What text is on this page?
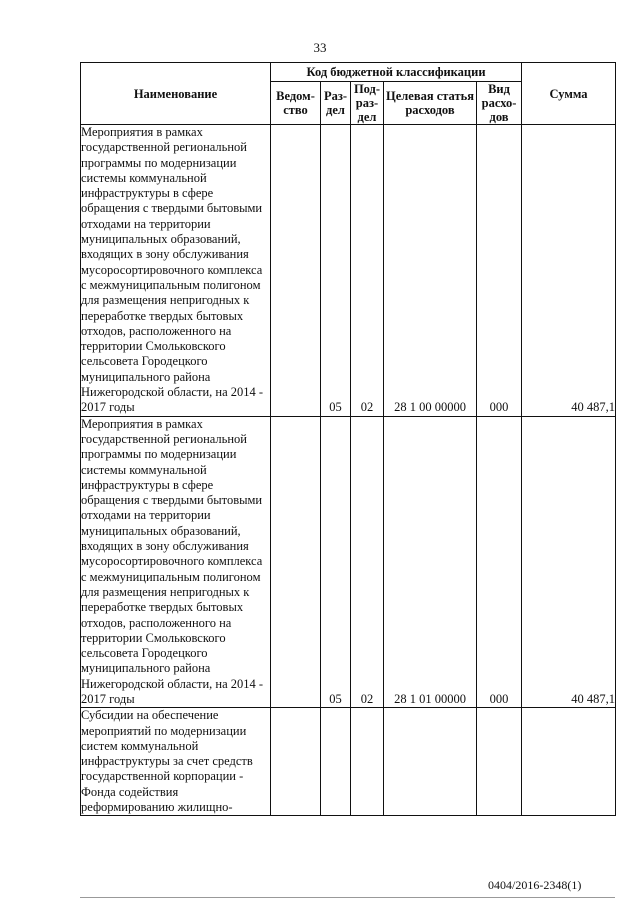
33
Наименование	Код бюджетной классификации					Сумма
	Ведом-ство	Раз-дел	Под-раз-дел	Целевая статья расходов	Вид расхо-дов	
Мероприятия в рамках государственной региональной программы по модернизации системы коммунальной инфраструктуры в сфере обращения с твердыми бытовыми отходами на территории муниципальных образований, входящих в зону обслуживания мусоросортировочного комплекса с межмуниципальным полигоном для размещения непригодных к переработке твердых бытовых отходов, расположенного на территории Смольковского сельсовета Городецкого муниципального района Нижегородской области, на 2014 - 2017 годы		05	02	28 1 00 00000	000	40 487,1
Мероприятия в рамках государственной региональной программы по модернизации системы коммунальной инфраструктуры в сфере обращения с твердыми бытовыми отходами на территории муниципальных образований, входящих в зону обслуживания мусоросортировочного комплекса с межмуниципальным полигоном для размещения непригодных к переработке твердых бытовых отходов, расположенного на территории Смольковского сельсовета Городецкого муниципального района Нижегородской области, на 2014 - 2017 годы		05	02	28 1 01 00000	000	40 487,1
Субсидии на обеспечение мероприятий по модернизации систем коммунальной инфраструктуры за счет средств государственной корпорации - Фонда содействия реформированию жилищно-						
0404/2016-2348(1)
